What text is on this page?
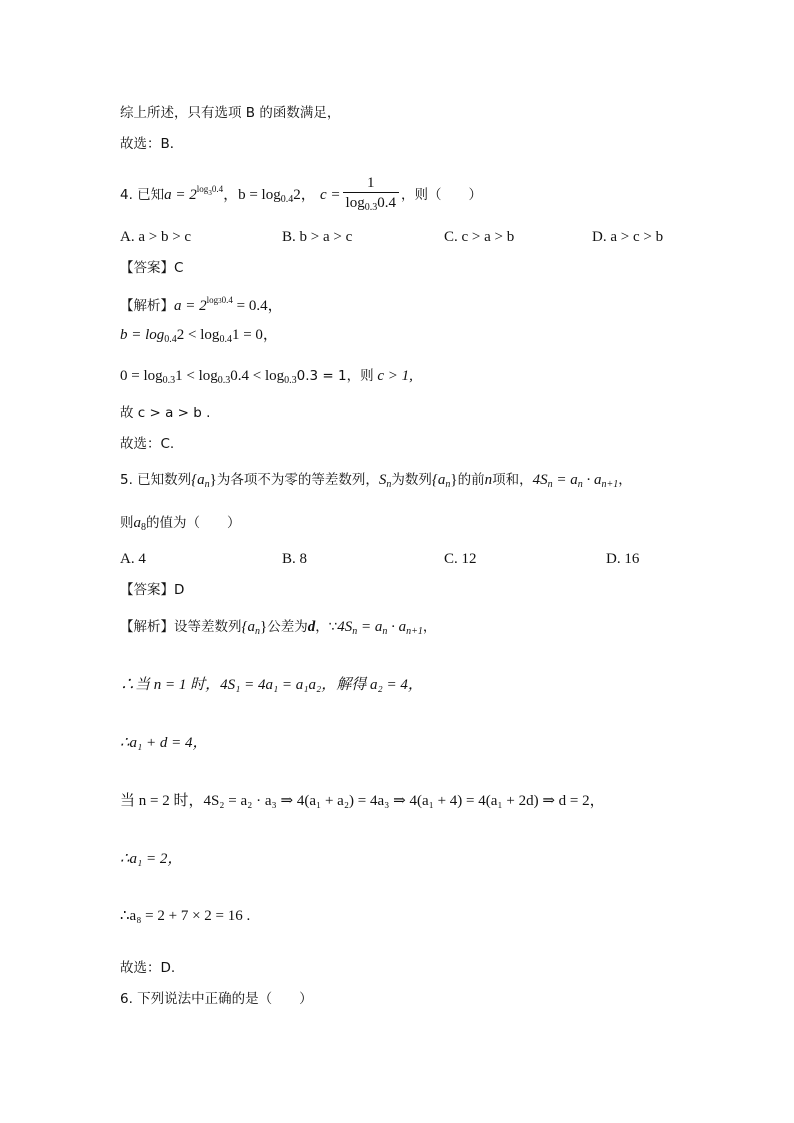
综上所述，只有选项 B 的函数满足，
故选：B．
4. 已知$a = 2^{log_30.4}$，$b = \log_{0.4}2$， $c = \frac{1}{\log_{0.3}0.4}$ ，则（　　）
A. a > b > c	B. b > a > c	C. c > a > b	D. a > c > b
【答案】C
【解析】$a = 2^{log30.4} = 0.4$，
$b = \log_{0.4}2 < \log_{0.4}1 = 0$，
$0 = \log_{0.3}1 < \log_{0.3}0.4 < \log_{0.3}0.3 = 1$，则 c > 1,
故 c > a > b .
故选：C.
5. 已知数列$\{a_n\}$为各项不为零的等差数列，$S_n$为数列$\{a_n\}$的前n项和，$4S_n = a_n \cdot a_{n+1}$，
则$a_8$的值为（　　）
A. 4	B. 8	C. 12	D. 16
【答案】D
【解析】设等差数列$\{a_n\}$公差为d，$\because 4S_n = a_n \cdot a_{n+1}$，
∴当 n = 1 时，4S₁ = 4a₁ = a₁a₂，解得 a₂ = 4，
∴a₁ + d = 4，
当 n = 2 时，4S₂ = a₂ · a₃ ⇒ 4(a₁ + a₂) = 4a₃ ⇒ 4(a₁ + 4) = 4(a₁ + 2d) ⇒ d = 2，
∴a₁ = 2，
∴a₈ = 2 + 7 × 2 = 16 .
故选：D.
6. 下列说法中正确的是（　　）
